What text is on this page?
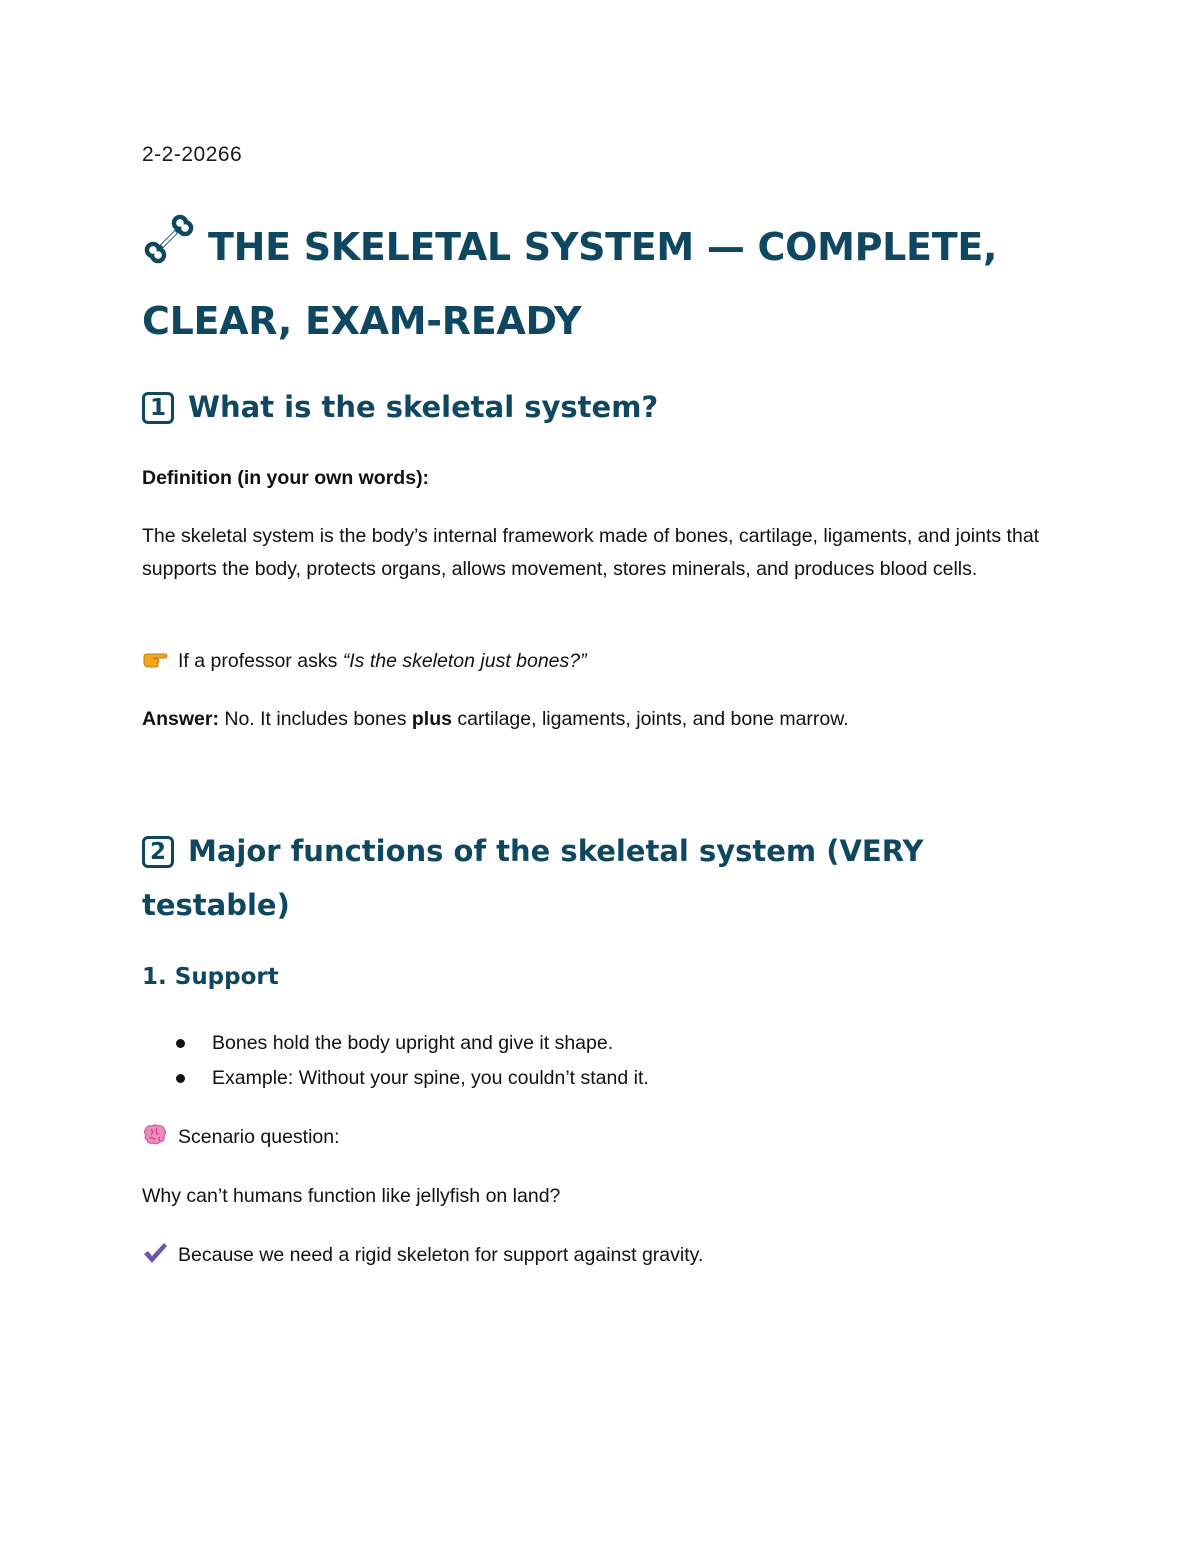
2-2-20266
THE SKELETAL SYSTEM — COMPLETE, CLEAR, EXAM-READY
1 What is the skeletal system?

Definition (in your own words):

The skeletal system is the body’s internal framework made of bones, cartilage, ligaments, and joints that supports the body, protects organs, allows movement, stores minerals, and produces blood cells.

If a professor asks “Is the skeleton just bones?”

Answer: No. It includes bones plus cartilage, ligaments, joints, and bone marrow.

2 Major functions of the skeletal system (VERY testable)
1. Support
Bones hold the body upright and give it shape.
Example: Without your spine, you couldn’t stand it.

Scenario question:

Why can’t humans function like jellyfish on land?

Because we need a rigid skeleton for support against gravity.
